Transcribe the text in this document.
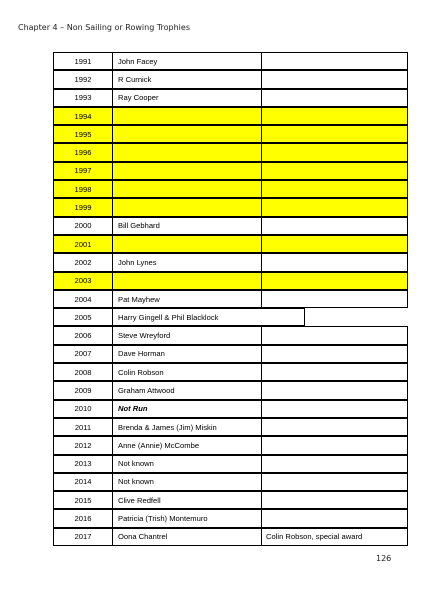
Chapter 4 – Non Sailing or Rowing Trophies
1991	John Facey
1992	R Curnick
1993	Ray Cooper
1994
1995
1996
1997
1998
1999
2000	Bill Gebhard
2001
2002	John Lynes
2003
2004	Pat Mayhew
2005	Harry Gingell & Phil Blacklock
2006	Steve Wreyford
2007	Dave Horman
2008	Colin Robson
2009	Graham Attwood
2010	Not Run
2011	Brenda & James (Jim) Miskin
2012	Anne (Annie) McCombe
2013	Not known
2014	Not known
2015	Clive Redfell
2016	Patricia (Trish) Montemuro
2017	Oona Chantrel	Colin Robson, special award
126
